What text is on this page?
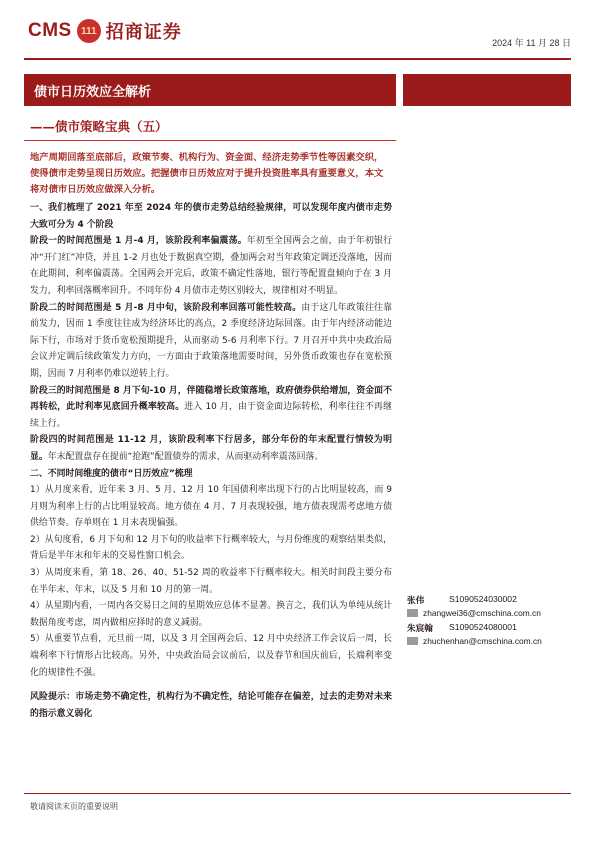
CMS 111 招商证券	2024 年 11 月 28 日
债市日历效应全解析
——债市策略宝典（五）
地产周期回落至底部后，政策节奏、机构行为、资金面、经济走势季节性等因素交织，使得债市走势呈现日历效应。把握债市日历效应对于提升投资胜率具有重要意义，本文将对债市日历效应做深入分析。

一、我们梳理了 2021 年至 2024 年的债市走势总结经验规律，可以发现年度内债市走势大致可分为 4 个阶段

阶段一的时间范围是 1 月-4 月，该阶段利率偏震荡。年初至全国两会之前，由于年初银行冲“开门红”冲贷，并且 1-2 月也处于数据真空期，叠加两会对当年政策定调还没落地，因而在此期间，利率偏震荡。全国两会开完后，政策不确定性落地，银行等配置盘倾向于在 3 月发力，利率回落概率回升。不同年份 4 月债市走势区别较大，规律相对不明显。

阶段二的时间范围是 5 月-8 月中旬，该阶段利率回落可能性较高。由于这几年政策往往靠前发力，因而 1 季度往往成为经济环比的高点，2 季度经济边际回落。由于年内经济动能边际下行，市场对于货币宽松预期提升，从而驱动 5-6 月利率下行。7 月召开中共中央政治局会议并定调后续政策发力方向，一方面由于政策落地需要时间，另外货币政策也存在宽松预期，因而 7 月利率仍难以逆转上行。

阶段三的时间范围是 8 月下旬-10 月，伴随稳增长政策落地，政府债券供给增加，资金面不再转松，此时利率见底回升概率较高。进入 10 月，由于资金面边际转松，利率往往不再继续上行。

阶段四的时间范围是 11-12 月，该阶段利率下行居多，部分年份的年末配置行情较为明显。年末配置盘存在提前“抢跑”配置债券的需求，从而驱动利率震荡回落。

二、不同时间维度的债市“日历效应”梳理

1）从月度来看，近年来 3 月、5 月、12 月 10 年国债利率出现下行的占比明显较高，而 9 月则为利率上行的占比明显较高。地方债在 4 月、7 月表现较强，地方债表现需考虑地方债供给节奏。存单则在 1 月末表现偏强。

2）从旬度看，6 月下旬和 12 月下旬的收益率下行概率较大，与月份维度的观察结果类似，背后是半年末和年末的交易性窗口机会。

3）从周度来看，第 18、26、40、51-52 周的收益率下行概率较大。相关时间段主要分布在半年末、年末，以及 5 月和 10 月的第一周。

4）从星期内看，一周内各交易日之间的星期效应总体不显著。换言之，我们认为单纯从统计数据角度考虑，周内做相应择时的意义减弱。

5）从重要节点看，元旦前一周，以及 3 月全国两会后、12 月中央经济工作会议后一周，长端利率下行情形占比较高。另外，中央政治局会议前后，以及春节和国庆前后，长端利率变化的规律性不强。

风险提示：市场走势不确定性，机构行为不确定性，结论可能存在偏差，过去的走势对未来的指示意义弱化

张伟	S1090524030002
zhangwei36@cmschina.com.cn
朱宸翰	S1090524080001
zhuchenhan@cmschina.com.cn
敬请阅读末页的重要说明
